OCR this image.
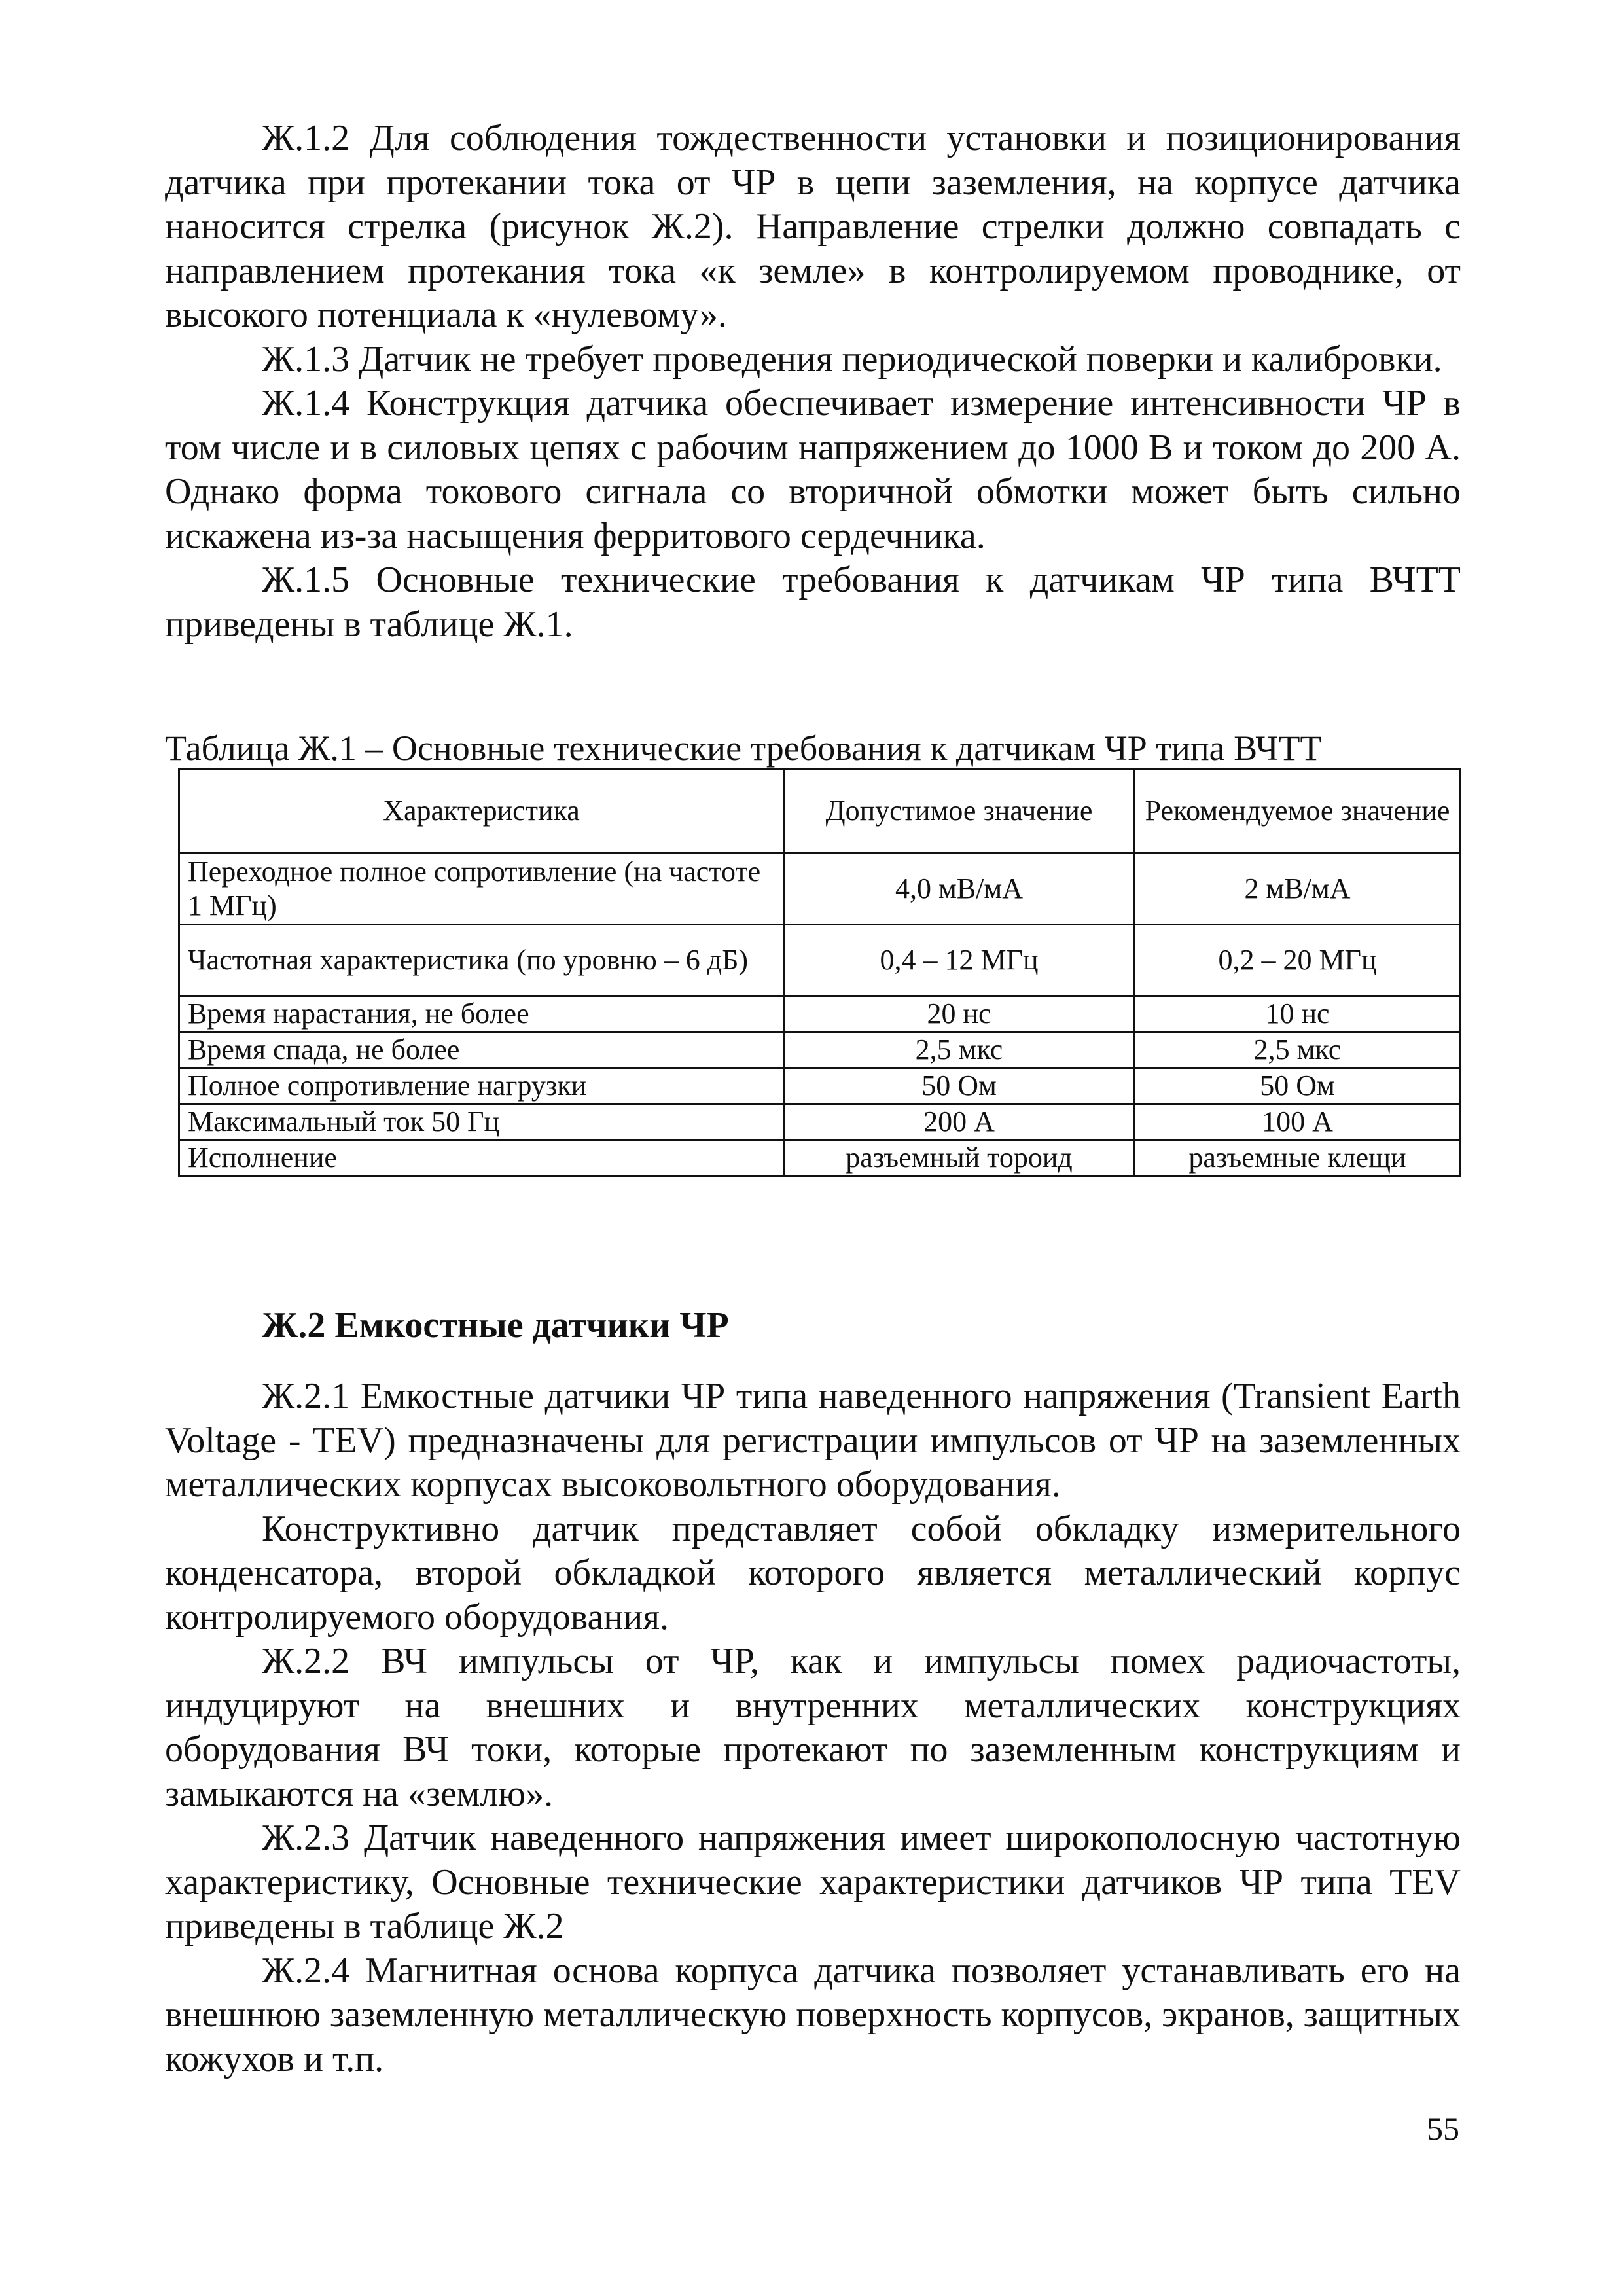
Ж.1.2 Для соблюдения тождественности установки и позиционирования датчика при протекании тока от ЧР в цепи заземления, на корпусе датчика наносится стрелка (рисунок Ж.2). Направление стрелки должно совпадать с направлением протекания тока «к земле» в контролируемом проводнике, от высокого потенциала к «нулевому».

Ж.1.3 Датчик не требует проведения периодической поверки и калибровки.

Ж.1.4 Конструкция датчика обеспечивает измерение интенсивности ЧР в том числе и в силовых цепях с рабочим напряжением до 1000 В и током до 200 А. Однако форма токового сигнала со вторичной обмотки может быть сильно искажена из-за насыщения ферритового сердечника.

Ж.1.5 Основные технические требования к датчикам ЧР типа ВЧТТ приведены в таблице Ж.1.

Таблица Ж.1 – Основные технические требования к датчикам ЧР типа ВЧТТ

Характеристика	Допустимое значение	Рекомендуемое значение
Переходное полное сопротивление (на частоте 1 МГц)	4,0 мВ/мА	2 мВ/мА
Частотная характеристика (по уровню – 6 дБ)	0,4 – 12 МГц	0,2 – 20 МГц
Время нарастания, не более	20 нс	10 нс
Время спада, не более	2,5 мкс	2,5 мкс
Полное сопротивление нагрузки	50 Ом	50 Ом
Максимальный ток 50 Гц	200 А	100 А
Исполнение	разъемный тороид	разъемные клещи

Ж.2 Емкостные датчики ЧР

Ж.2.1 Емкостные датчики ЧР типа наведенного напряжения (Transient Earth Voltage - TEV) предназначены для регистрации импульсов от ЧР на заземленных металлических корпусах высоковольтного оборудования.

Конструктивно датчик представляет собой обкладку измерительного конденсатора, второй обкладкой которого является металлический корпус контролируемого оборудования.

Ж.2.2 ВЧ импульсы от ЧР, как и импульсы помех радиочастоты, индуцируют на внешних и внутренних металлических конструкциях оборудования ВЧ токи, которые протекают по заземленным конструкциям и замыкаются на «землю».

Ж.2.3 Датчик наведенного напряжения имеет широкополосную частотную характеристику, Основные технические характеристики датчиков ЧР типа TEV приведены в таблице Ж.2

Ж.2.4 Магнитная основа корпуса датчика позволяет устанавливать его на внешнюю заземленную металлическую поверхность корпусов, экранов, защитных кожухов и т.п.

55
